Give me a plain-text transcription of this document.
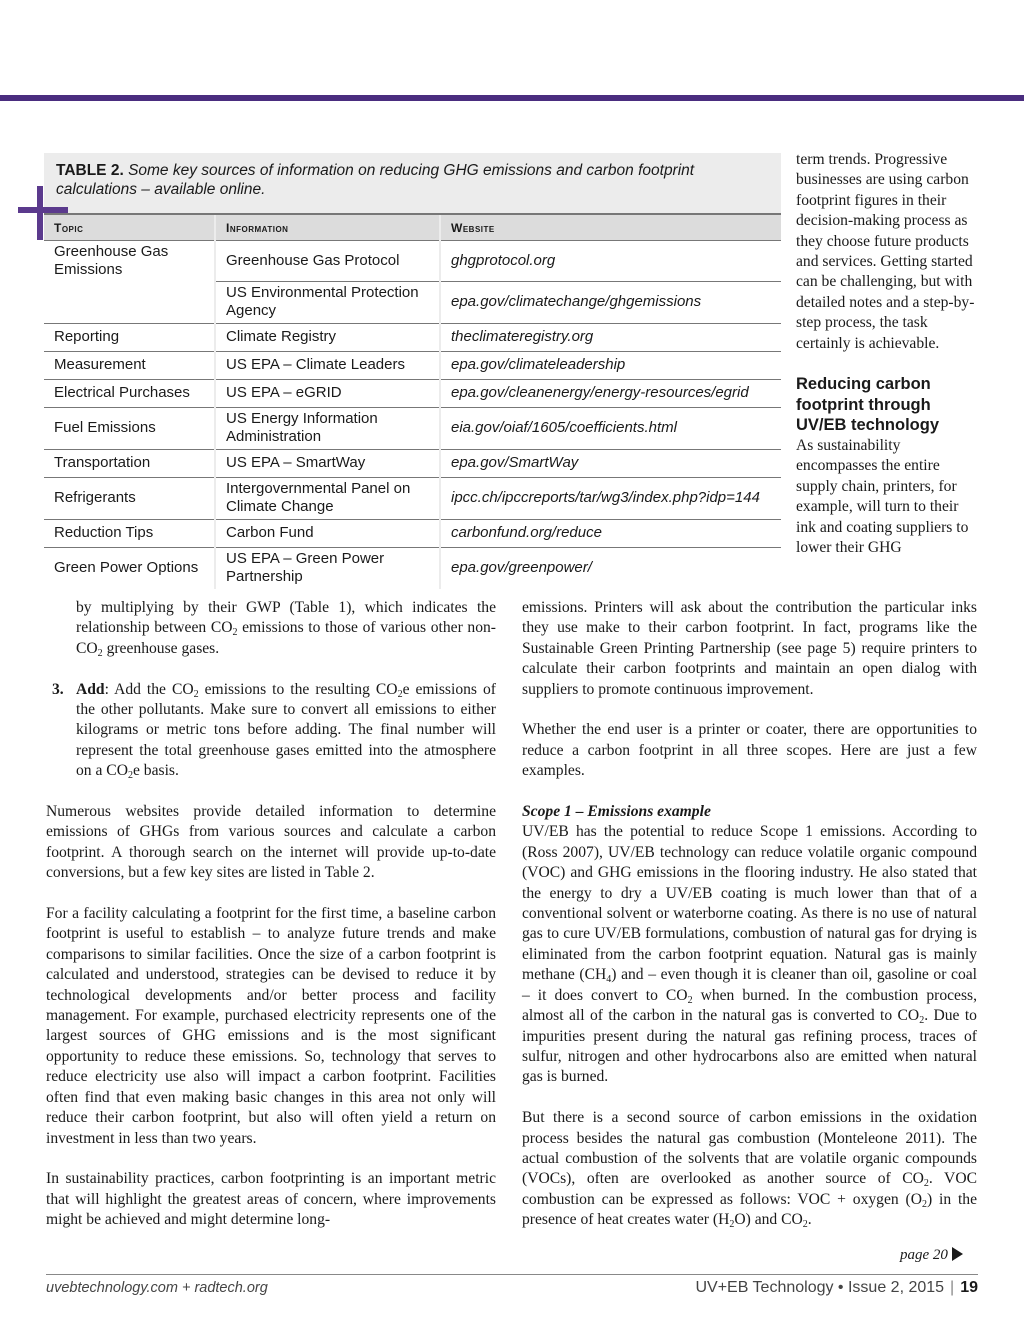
TABLE 2. Some key sources of information on reducing GHG emissions and carbon footprint calculations – available online.
Topic	Information	Website
Greenhouse Gas Emissions	Greenhouse Gas Protocol	ghgprotocol.org
	US Environmental Protection Agency	epa.gov/climatechange/ghgemissions
Reporting	Climate Registry	theclimateregistry.org
Measurement	US EPA – Climate Leaders	epa.gov/climateleadership
Electrical Purchases	US EPA – eGRID	epa.gov/cleanenergy/energy-resources/egrid
Fuel Emissions	US Energy Information Administration	eia.gov/oiaf/1605/coefficients.html
Transportation	US EPA – SmartWay	epa.gov/SmartWay
Refrigerants	Intergovernmental Panel on Climate Change	ipcc.ch/ipccreports/tar/wg3/index.php?idp=144
Reduction Tips	Carbon Fund	carbonfund.org/reduce
Green Power Options	US EPA – Green Power Partnership	epa.gov/greenpower/

term trends. Progressive businesses are using carbon footprint figures in their decision-making process as they choose future products and services. Getting started can be challenging, but with detailed notes and a step-by-step process, the task certainly is achievable.

Reducing carbon footprint through UV/EB technology

As sustainability encompasses the entire supply chain, printers, for example, will turn to their ink and coating suppliers to lower their GHG

by multiplying by their GWP (Table 1), which indicates the relationship between $CO_2$ emissions to those of various other non-$CO_2$ greenhouse gases.

3. Add: Add the $CO_2$ emissions to the resulting $CO_2e$ emissions of the other pollutants. Make sure to convert all emissions to either kilograms or metric tons before adding. The final number will represent the total greenhouse gases emitted into the atmosphere on a $CO_2e$ basis.

Numerous websites provide detailed information to determine emissions of GHGs from various sources and calculate a carbon footprint. A thorough search on the internet will provide up-to-date conversions, but a few key sites are listed in Table 2.

For a facility calculating a footprint for the first time, a baseline carbon footprint is useful to establish – to analyze future trends and make comparisons to similar facilities. Once the size of a carbon footprint is calculated and understood, strategies can be devised to reduce it by technological developments and/or better process and facility management. For example, purchased electricity represents one of the largest sources of GHG emissions and is the most significant opportunity to reduce these emissions. So, technology that serves to reduce electricity use also will impact a carbon footprint. Facilities often find that even making basic changes in this area not only will reduce their carbon footprint, but also will often yield a return on investment in less than two years.

In sustainability practices, carbon footprinting is an important metric that will highlight the greatest areas of concern, where improvements might be achieved and might determine long-

emissions. Printers will ask about the contribution the particular inks they use make to their carbon footprint. In fact, programs like the Sustainable Green Printing Partnership (see page 5) require printers to calculate their carbon footprints and maintain an open dialog with suppliers to promote continuous improvement.

Whether the end user is a printer or coater, there are opportunities to reduce a carbon footprint in all three scopes. Here are just a few examples.

Scope 1 – Emissions example

UV/EB has the potential to reduce Scope 1 emissions. According to (Ross 2007), UV/EB technology can reduce volatile organic compound (VOC) and GHG emissions in the flooring industry. He also stated that the energy to dry a UV/EB coating is much lower than that of a conventional solvent or waterborne coating. As there is no use of natural gas to cure UV/EB formulations, combustion of natural gas for drying is eliminated from the carbon footprint equation. Natural gas is mainly methane $(CH_4)$ and – even though it is cleaner than oil, gasoline or coal – it does convert to $CO_2$ when burned. In the combustion process, almost all of the carbon in the natural gas is converted to $CO_2$. Due to impurities present during the natural gas refining process, traces of sulfur, nitrogen and other hydrocarbons also are emitted when natural gas is burned.

But there is a second source of carbon emissions in the oxidation process besides the natural gas combustion (Monteleone 2011). The actual combustion of the solvents that are volatile organic compounds (VOCs), often are overlooked as another source of $CO_2$. VOC combustion can be expressed as follows: VOC + oxygen $(O_2)$ in the presence of heat creates water $(H_2O)$ and $CO_2$.

page 20
uvebtechnology.com + radtech.org	UV+EB Technology • Issue 2, 2015 | 19
